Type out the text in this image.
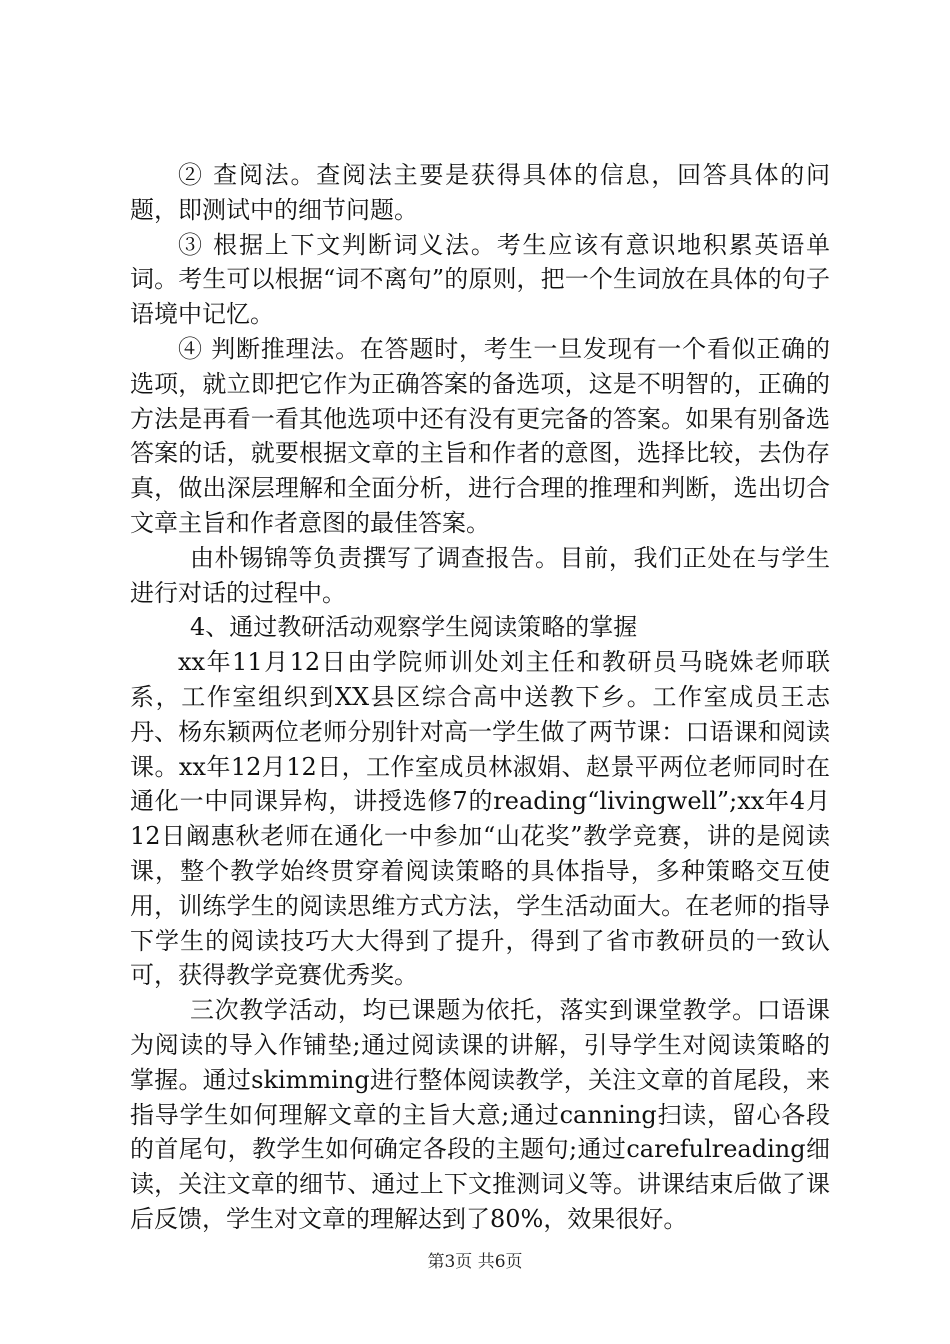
② 查阅法。查阅法主要是获得具体的信息，回答具体的问题，即测试中的细节问题。

③ 根据上下文判断词义法。考生应该有意识地积累英语单词。考生可以根据“词不离句”的原则，把一个生词放在具体的句子语境中记忆。

④ 判断推理法。在答题时，考生一旦发现有一个看似正确的选项，就立即把它作为正确答案的备选项，这是不明智的，正确的方法是再看一看其他选项中还有没有更完备的答案。如果有别备选答案的话，就要根据文章的主旨和作者的意图，选择比较，去伪存真，做出深层理解和全面分析，进行合理的推理和判断，选出切合文章主旨和作者意图的最佳答案。

由朴锡锦等负责撰写了调查报告。目前，我们正处在与学生进行对话的过程中。

4、通过教研活动观察学生阅读策略的掌握

xx年11月12日由学院师训处刘主任和教研员马晓姝老师联系，工作室组织到XX县区综合高中送教下乡。工作室成员王志丹、杨东颖两位老师分别针对高一学生做了两节课：口语课和阅读课。xx年12月12日，工作室成员林淑娟、赵景平两位老师同时在通化一中同课异构，讲授选修7的reading“livingwell”;xx年4月12日阚惠秋老师在通化一中参加“山花奖”教学竞赛，讲的是阅读课，整个教学始终贯穿着阅读策略的具体指导，多种策略交互使用，训练学生的阅读思维方式方法，学生活动面大。在老师的指导下学生的阅读技巧大大得到了提升，得到了省市教研员的一致认可，获得教学竞赛优秀奖。

三次教学活动，均已课题为依托，落实到课堂教学。口语课为阅读的导入作铺垫;通过阅读课的讲解，引导学生对阅读策略的掌握。通过skimming进行整体阅读教学，关注文章的首尾段，来指导学生如何理解文章的主旨大意;通过canning扫读，留心各段的首尾句，教学生如何确定各段的主题句;通过carefulreading细读，关注文章的细节、通过上下文推测词义等。讲课结束后做了课后反馈，学生对文章的理解达到了80%，效果很好。

第3页 共6页
